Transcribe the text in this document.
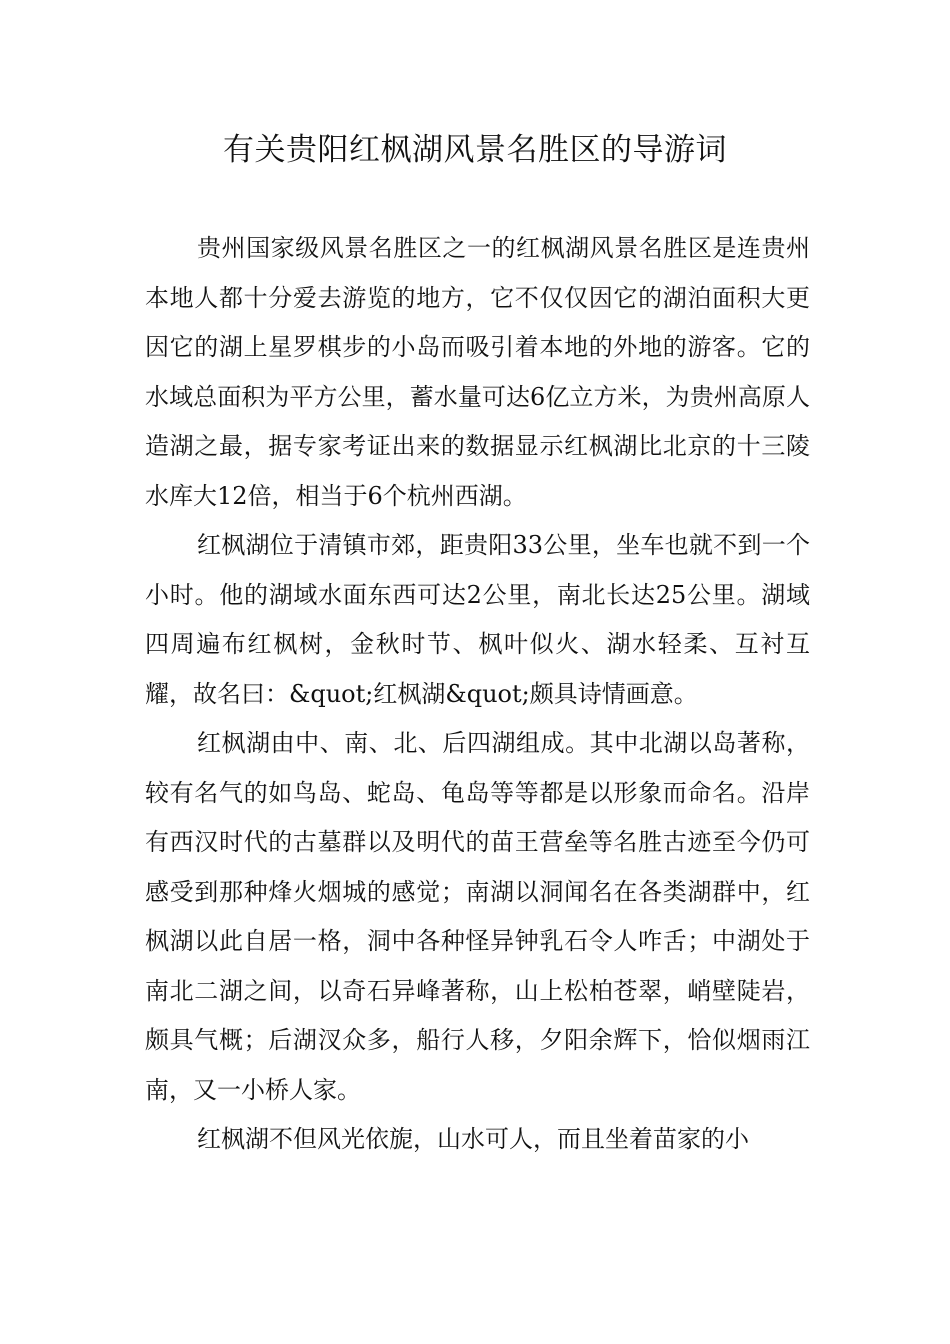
有关贵阳红枫湖风景名胜区的导游词

贵州国家级风景名胜区之一的红枫湖风景名胜区是连贵州本地人都十分爱去游览的地方，它不仅仅因它的湖泊面积大更因它的湖上星罗棋步的小岛而吸引着本地的外地的游客。它的水域总面积为平方公里，蓄水量可达6亿立方米，为贵州高原人造湖之最，据专家考证出来的数据显示红枫湖比北京的十三陵水库大12倍，相当于6个杭州西湖。

红枫湖位于清镇市郊，距贵阳33公里，坐车也就不到一个小时。他的湖域水面东西可达2公里，南北长达25公里。湖域四周遍布红枫树，金秋时节、枫叶似火、湖水轻柔、互衬互耀，故名曰：&quot;红枫湖&quot;颇具诗情画意。

红枫湖由中、南、北、后四湖组成。其中北湖以岛著称，较有名气的如鸟岛、蛇岛、龟岛等等都是以形象而命名。沿岸有西汉时代的古墓群以及明代的苗王营垒等名胜古迹至今仍可感受到那种烽火烟城的感觉；南湖以洞闻名在各类湖群中，红枫湖以此自居一格，洞中各种怪异钟乳石令人咋舌；中湖处于南北二湖之间，以奇石异峰著称，山上松柏苍翠，峭壁陡岩，颇具气概；后湖汊众多，船行人移，夕阳余辉下，恰似烟雨江南，又一小桥人家。

红枫湖不但风光依旎，山水可人，而且坐着苗家的小
